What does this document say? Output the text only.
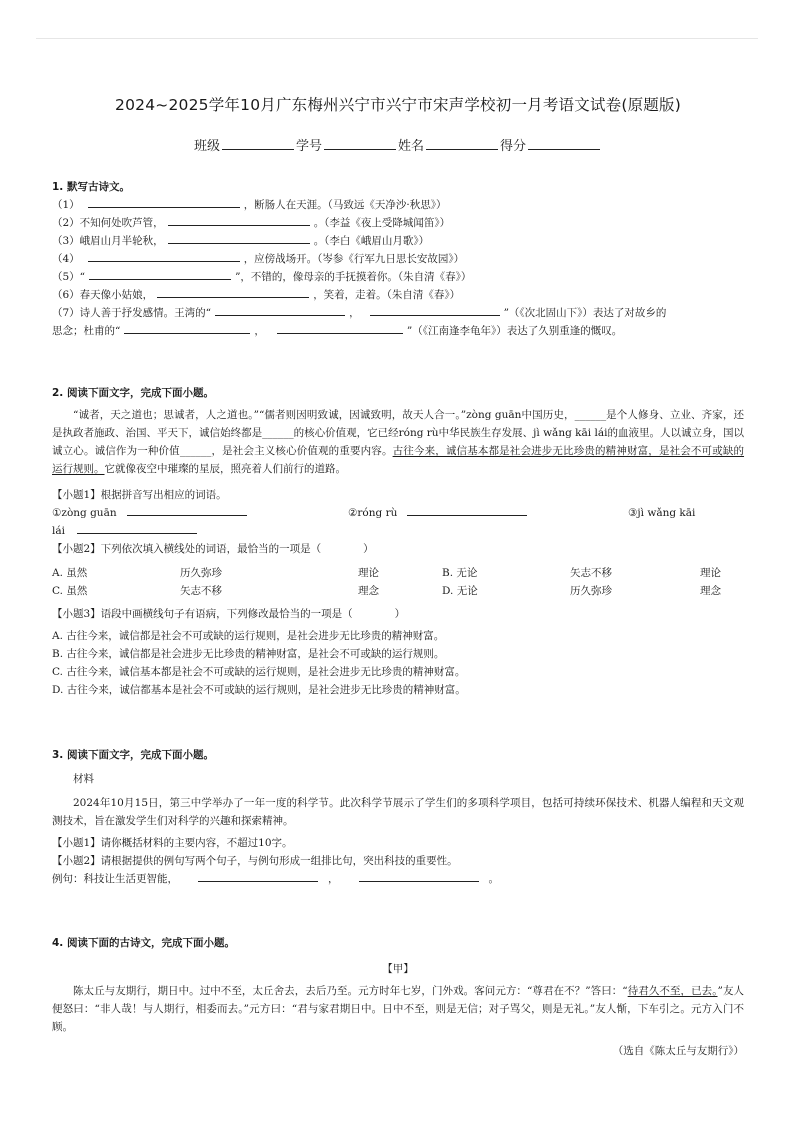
2024~2025学年10月广东梅州兴宁市兴宁市宋声学校初一月考语文试卷(原题版)
班级	学号	姓名	得分
1. 默写古诗文。
（1）	，断肠人在天涯。（马致远《天净沙·秋思》）
（2）不知何处吹芦管，	。（李益《夜上受降城闻笛》）
（3）峨眉山月半轮秋，	。（李白《峨眉山月歌》）
（4）	，应傍战场开。（岑参《行军九日思长安故园》）
（5）“	”，不错的，像母亲的手抚摸着你。（朱自清《春》）
（6）春天像小姑娘，	，笑着，走着。（朱自清《春》）
（7）诗人善于抒发感情。王湾的“	，	”（《次北固山下》）表达了对故乡的
思念；杜甫的“	，	”（《江南逢李龟年》）表达了久别重逢的慨叹。
2. 阅读下面文字，完成下面小题。
“诚者，天之道也；思诚者，人之道也。”“儒者则因明致诚，因诚致明，故天人合一。”zòng guān中国历史，______是个人修身、立业、齐家，还是执政者施政、治国、平天下，诚信始终都是______的核心价值观，它已经róng rù中华民族生存发展、jì wǎng kāi lái的血液里。人以诚立身，国以诚立心。诚信作为一种价值______，是社会主义核心价值观的重要内容。古往今来，诚信基本都是社会进步无比珍贵的精神财富，是社会不可或缺的运行规则。它就像夜空中璀璨的星辰，照亮着人们前行的道路。
【小题1】根据拼音写出相应的词语。
①zòng guān	②róng rù	③jì wǎng kāi
lái
【小题2】下列依次填入横线处的词语，最恰当的一项是（　　　　）
A. 虽然	历久弥珍	理论	B. 无论	矢志不移	理论
C. 虽然	矢志不移	理念	D. 无论	历久弥珍	理念
【小题3】语段中画横线句子有语病，下列修改最恰当的一项是（　　　　）
A. 古往今来，诚信都是社会不可或缺的运行规则，是社会进步无比珍贵的精神财富。
B. 古往今来，诚信都是社会进步无比珍贵的精神财富，是社会不可或缺的运行规则。
C. 古往今来，诚信基本都是社会不可或缺的运行规则，是社会进步无比珍贵的精神财富。
D. 古往今来，诚信都基本是社会不可或缺的运行规则，是社会进步无比珍贵的精神财富。
3. 阅读下面文字，完成下面小题。
材料
2024年10月15日，第三中学举办了一年一度的科学节。此次科学节展示了学生们的多项科学项目，包括可持续环保技术、机器人编程和天文观测技术，旨在激发学生们对科学的兴趣和探索精神。
【小题1】请你概括材料的主要内容，不超过10字。
【小题2】请根据提供的例句写两个句子，与例句形成一组排比句，突出科技的重要性。
例句：科技让生活更智能，	，	。
4. 阅读下面的古诗文，完成下面小题。
【甲】
陈太丘与友期行，期日中。过中不至，太丘舍去，去后乃至。元方时年七岁，门外戏。客问元方：“尊君在不？”答曰：“待君久不至，已去。”友人便怒曰：“非人哉！与人期行，相委而去。”元方曰：“君与家君期日中。日中不至，则是无信；对子骂父，则是无礼。”友人惭，下车引之。元方入门不顾。
（选自《陈太丘与友期行》）
